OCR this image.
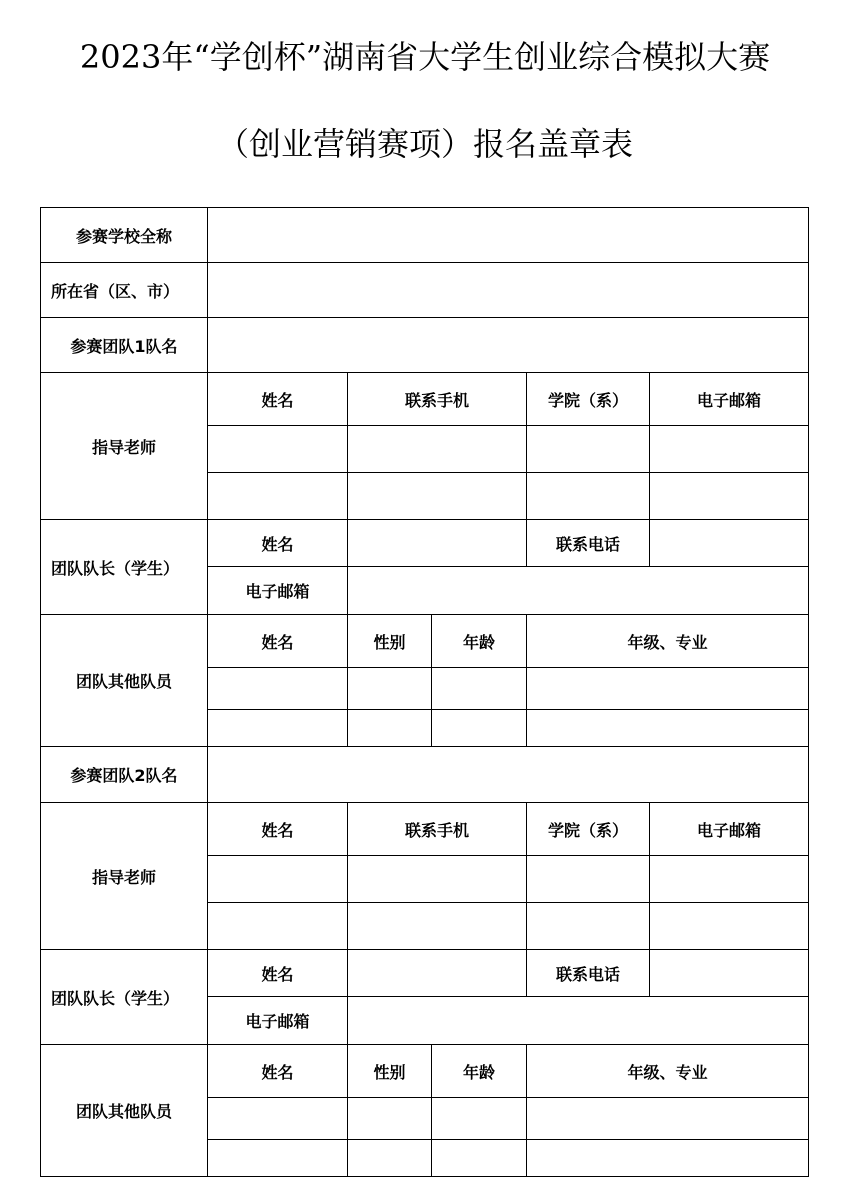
2023年“学创杯”湖南省大学生创业综合模拟大赛
（创业营销赛项）报名盖章表
参赛学校全称					
所在省（区、市）					
参赛团队1队名					
指导老师	姓名	联系手机		学院（系）	电子邮箱

团队队长（学生）	姓名			联系电话	
	电子邮箱				
团队其他队员	姓名	性别	年龄	年级、专业	

参赛团队2队名					
指导老师	姓名	联系手机		学院（系）	电子邮箱

团队队长（学生）	姓名			联系电话	
	电子邮箱				
团队其他队员	姓名	性别	年龄	年级、专业	
